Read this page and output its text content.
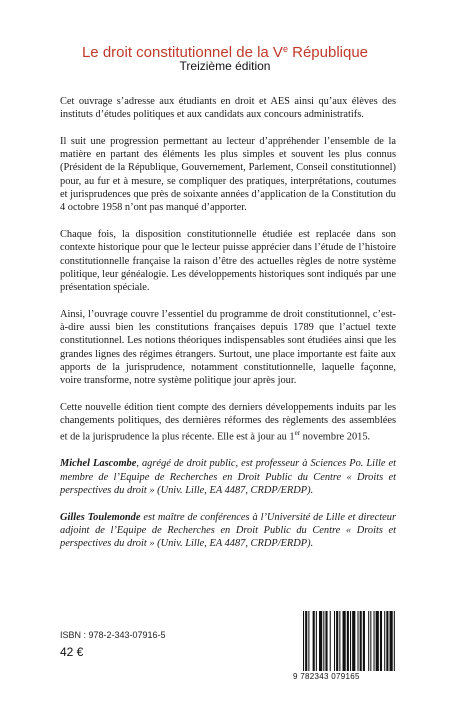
Le droit constitutionnel de la Ve République
Treizième édition

Cet ouvrage s’adresse aux étudiants en droit et AES ainsi qu’aux élèves des instituts d’études politiques et aux candidats aux concours administratifs.

Il suit une progression permettant au lecteur d’appréhender l’ensemble de la matière en partant des éléments les plus simples et souvent les plus connus (Président de la République, Gouvernement, Parlement, Conseil constitutionnel) pour, au fur et à mesure, se compliquer des pratiques, interprétations, coutumes et jurisprudences que près de soixante années d’application de la Constitution du 4 octobre 1958 n’ont pas manqué d’apporter.

Chaque fois, la disposition constitutionnelle étudiée est replacée dans son contexte historique pour que le lecteur puisse apprécier dans l’étude de l’histoire constitutionnelle française la raison d’être des actuelles règles de notre système politique, leur généalogie. Les développements historiques sont indiqués par une présentation spéciale.

Ainsi, l’ouvrage couvre l’essentiel du programme de droit constitutionnel, c’est-à-dire aussi bien les constitutions françaises depuis 1789 que l’actuel texte constitutionnel. Les notions théoriques indispensables sont étudiées ainsi que les grandes lignes des régimes étrangers. Surtout, une place importante est faite aux apports de la jurisprudence, notamment constitutionnelle, laquelle façonne, voire transforme, notre système politique jour après jour.

Cette nouvelle édition tient compte des derniers développements induits par les changements politiques, des dernières réformes des règlements des assemblées et de la jurisprudence la plus récente. Elle est à jour au 1er novembre 2015.

Michel Lascombe, agrégé de droit public, est professeur à Sciences Po. Lille et membre de l’Equipe de Recherches en Droit Public du Centre « Droits et perspectives du droit » (Univ. Lille, EA 4487, CRDP/ERDP).

Gilles Toulemonde est maître de conférences à l’Université de Lille et directeur adjoint de l’Equipe de Recherches en Droit Public du Centre « Droits et perspectives du droit » (Univ. Lille, EA 4487, CRDP/ERDP).

ISBN : 978-2-343-07916-5
42 €
9 782343 079165
